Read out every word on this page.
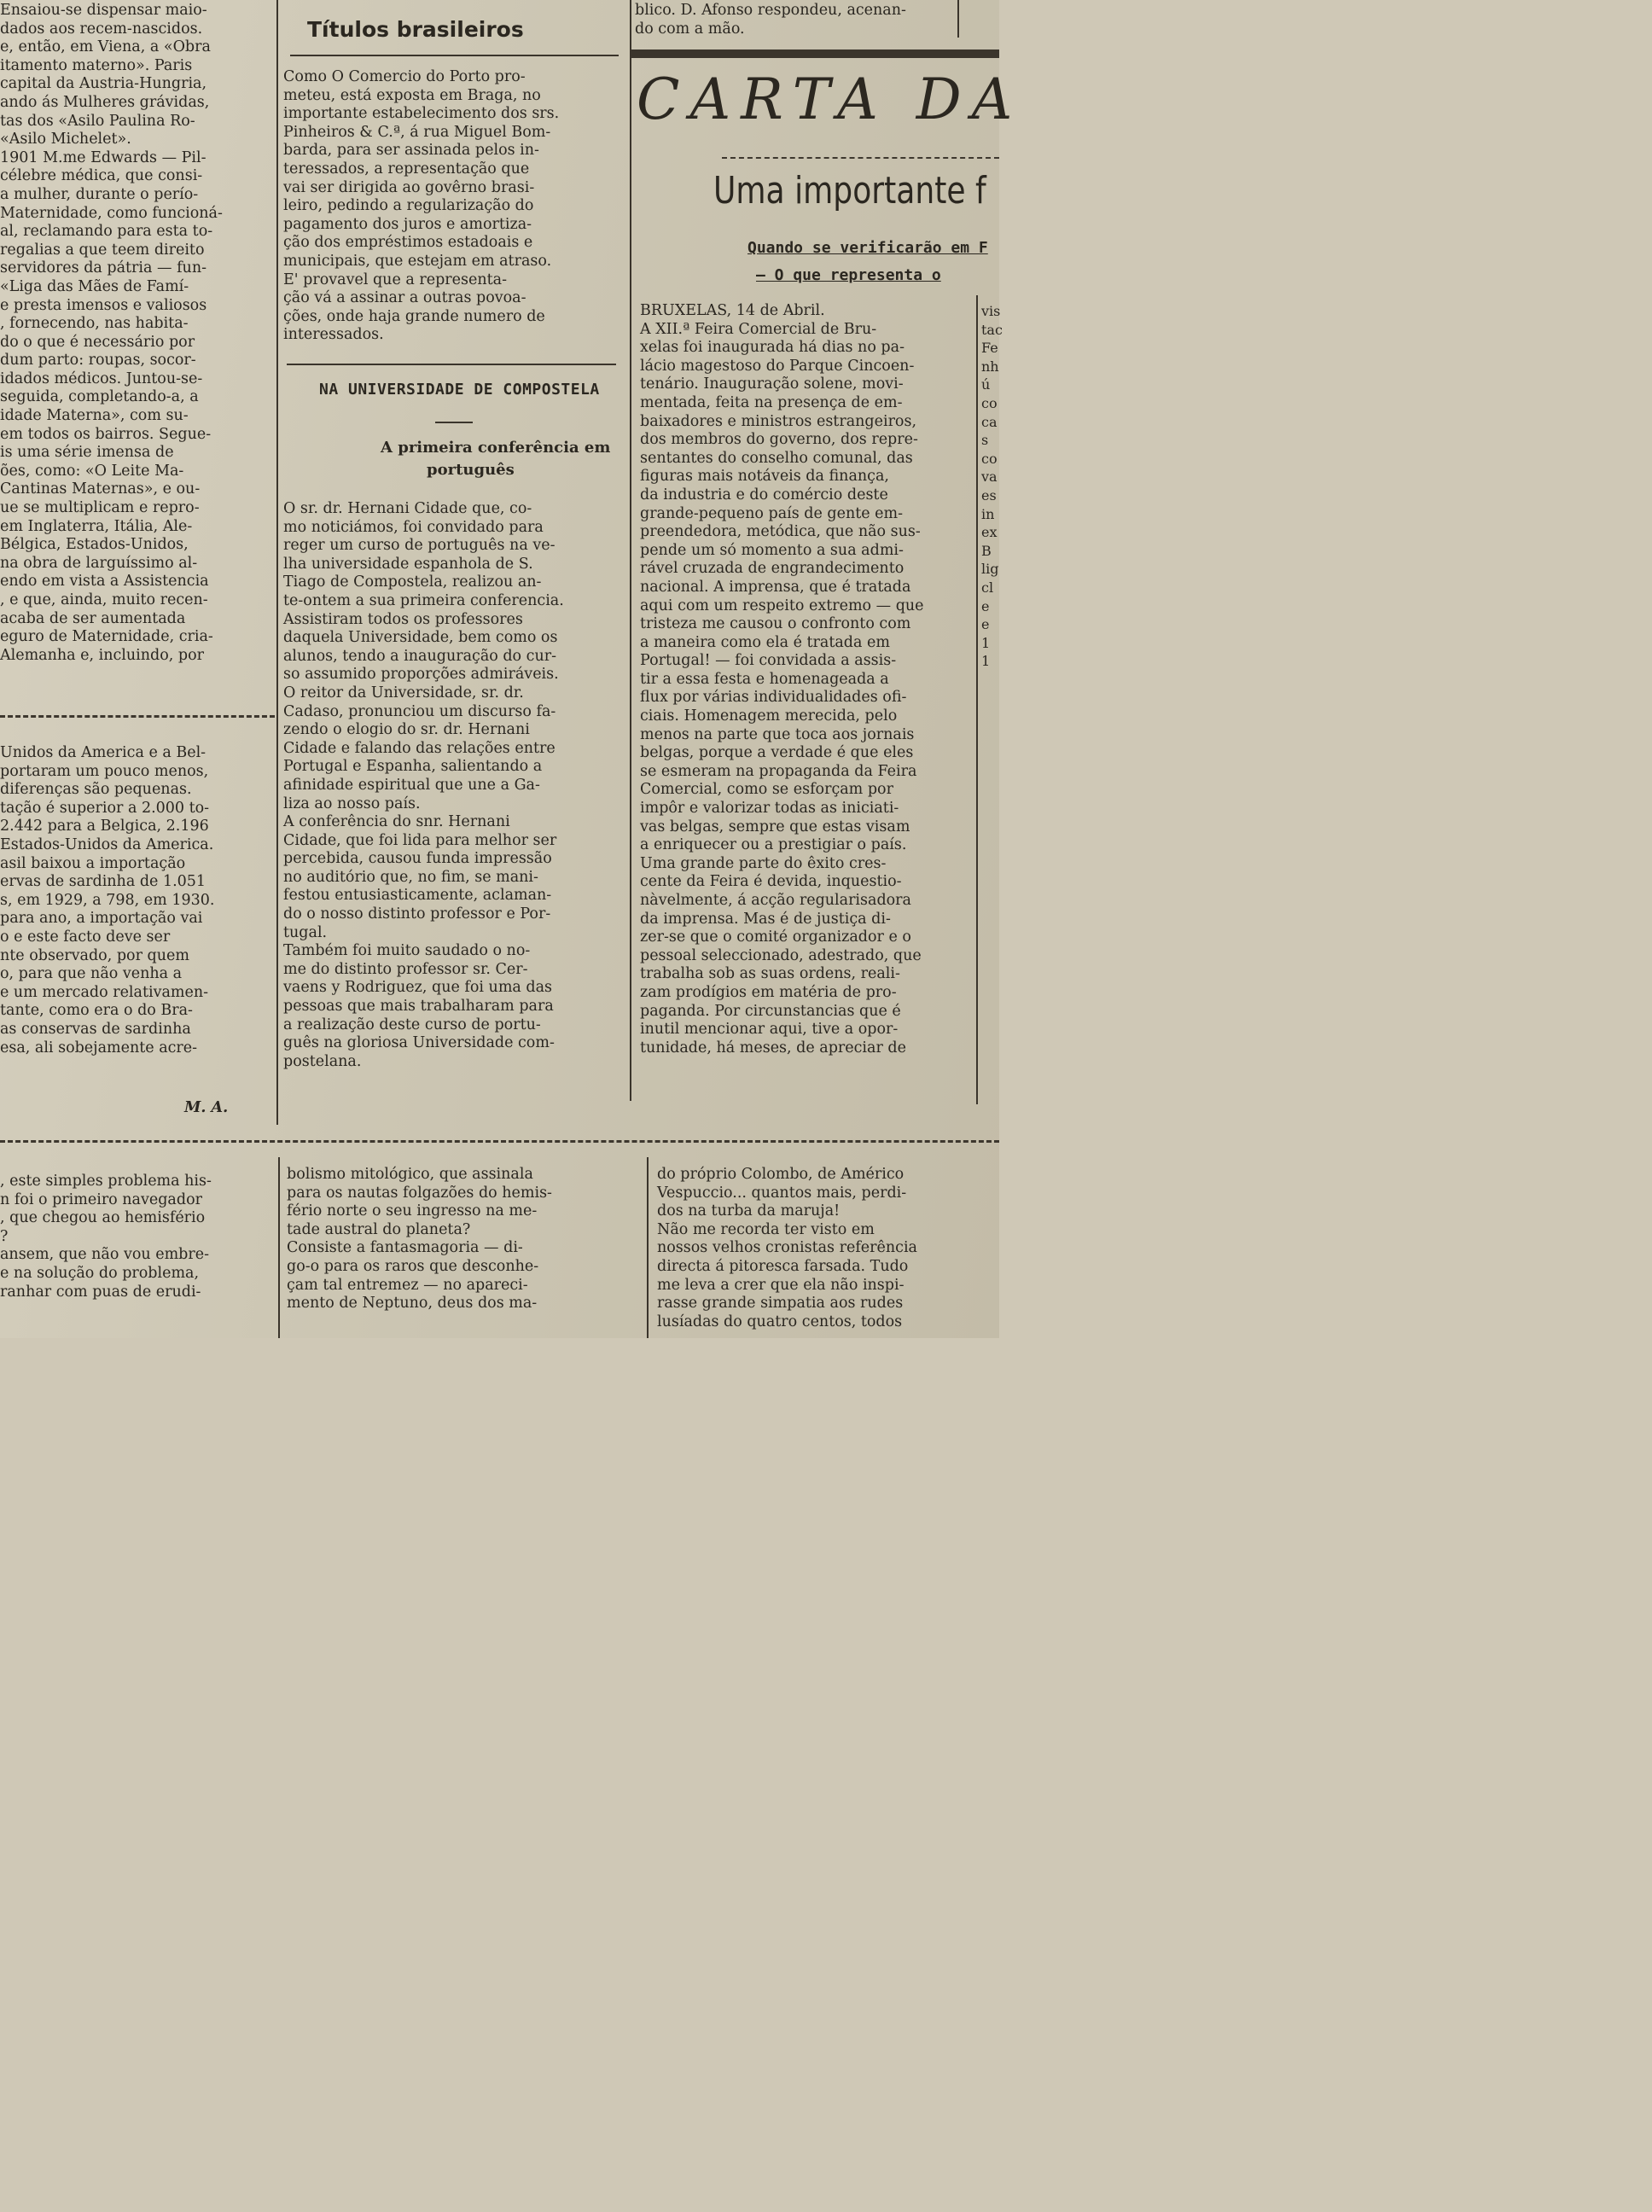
Ensaiou-se dispensar maio-

dados aos recem-nascidos.

e, então, em Viena, a «Obra

itamento materno». Paris

capital da Austria-Hungria,

ando ás Mulheres grávidas,

tas dos «Asilo Paulina Ro-

«Asilo Michelet».

1901 M.me Edwards — Pil-

célebre médica, que consi-

a mulher, durante o perío-

Maternidade, como funcioná-

al, reclamando para esta to-

regalias a que teem direito

servidores da pátria — fun-

«Liga das Mães de Famí-

e presta imensos e valiosos

, fornecendo, nas habita-

do o que é necessário por

dum parto: roupas, socor-

idados médicos. Juntou-se-

seguida, completando-a, a

idade Materna», com su-

em todos os bairros. Segue-

is uma série imensa de

ões, como: «O Leite Ma-

Cantinas Maternas», e ou-

ue se multiplicam e repro-

em Inglaterra, Itália, Ale-

Bélgica, Estados-Unidos,

na obra de larguíssimo al-

endo em vista a Assistencia

, e que, ainda, muito recen-

acaba de ser aumentada

eguro de Maternidade, cria-

Alemanha e, incluindo, por

Unidos da America e a Bel-

portaram um pouco menos,

diferenças são pequenas.

tação é superior a 2.000 to-

2.442 para a Belgica, 2.196

Estados-Unidos da America.

asil baixou a importação

ervas de sardinha de 1.051

s, em 1929, a 798, em 1930.

para ano, a importação vai

o e este facto deve ser

nte observado, por quem

o, para que não venha a

e um mercado relativamen-

tante, como era o do Bra-

as conservas de sardinha

esa, ali sobejamente acre-

M. A.
Títulos brasileiros

Como O Comercio do Porto pro-

meteu, está exposta em Braga, no

importante estabelecimento dos srs.

Pinheiros & C.ª, á rua Miguel Bom-

barda, para ser assinada pelos in-

teressados, a representação que

vai ser dirigida ao govêrno brasi-

leiro, pedindo a regularização do

pagamento dos juros e amortiza-

ção dos empréstimos estadoais e

municipais, que estejam em atraso.

E' provavel que a representa-

ção vá a assinar a outras povoa-

ções, onde haja grande numero de

interessados.

NA UNIVERSIDADE DE COMPOSTELA
A primeira conferência em
português

O sr. dr. Hernani Cidade que, co-

mo noticiámos, foi convidado para

reger um curso de português na ve-

lha universidade espanhola de S.

Tiago de Compostela, realizou an-

te-ontem a sua primeira conferencia.

Assistiram todos os professores

daquela Universidade, bem como os

alunos, tendo a inauguração do cur-

so assumido proporções admiráveis.

O reitor da Universidade, sr. dr.

Cadaso, pronunciou um discurso fa-

zendo o elogio do sr. dr. Hernani

Cidade e falando das relações entre

Portugal e Espanha, salientando a

afinidade espiritual que une a Ga-

liza ao nosso país.

A conferência do snr. Hernani

Cidade, que foi lida para melhor ser

percebida, causou funda impressão

no auditório que, no fim, se mani-

festou entusiasticamente, aclaman-

do o nosso distinto professor e Por-

tugal.

Também foi muito saudado o no-

me do distinto professor sr. Cer-

vaens y Rodriguez, que foi uma das

pessoas que mais trabalharam para

a realização deste curso de portu-

guês na gloriosa Universidade com-

postelana.

blico. D. Afonso respondeu, acenan-

do com a mão.

CARTA DA
Uma importante f
Quando se verificarão em F
— O que representa o

BRUXELAS, 14 de Abril.

A XII.ª Feira Comercial de Bru-

xelas foi inaugurada há dias no pa-

lácio magestoso do Parque Cincoen-

tenário. Inauguração solene, movi-

mentada, feita na presença de em-

baixadores e ministros estrangeiros,

dos membros do governo, dos repre-

sentantes do conselho comunal, das

figuras mais notáveis da finança,

da industria e do comércio deste

grande-pequeno país de gente em-

preendedora, metódica, que não sus-

pende um só momento a sua admi-

rável cruzada de engrandecimento

nacional. A imprensa, que é tratada

aqui com um respeito extremo — que

tristeza me causou o confronto com

a maneira como ela é tratada em

Portugal! — foi convidada a assis-

tir a essa festa e homenageada a

flux por várias individualidades ofi-

ciais. Homenagem merecida, pelo

menos na parte que toca aos jornais

belgas, porque a verdade é que eles

se esmeram na propaganda da Feira

Comercial, como se esforçam por

impôr e valorizar todas as iniciati-

vas belgas, sempre que estas visam

a enriquecer ou a prestigiar o país.

Uma grande parte do êxito cres-

cente da Feira é devida, inquestio-

nàvelmente, á acção regularisadora

da imprensa. Mas é de justiça di-

zer-se que o comité organizador e o

pessoal seleccionado, adestrado, que

trabalha sob as suas ordens, reali-

zam prodígios em matéria de pro-

paganda. Por circunstancias que é

inutil mencionar aqui, tive a opor-

tunidade, há meses, de apreciar de

vis

tac

Fe

nh

ú

co

ca

s

co

va

es

in

ex

B

lig

cl

e

e

1

1

, este simples problema his-

n foi o primeiro navegador

, que chegou ao hemisfério

?

ansem, que não vou embre-

e na solução do problema,

ranhar com puas de erudi-

bolismo mitológico, que assinala

para os nautas folgazões do hemis-

fério norte o seu ingresso na me-

tade austral do planeta?

Consiste a fantasmagoria — di-

go-o para os raros que desconhe-

çam tal entremez — no apareci-

mento de Neptuno, deus dos ma-

do próprio Colombo, de Américo

Vespuccio... quantos mais, perdi-

dos na turba da maruja!

Não me recorda ter visto em

nossos velhos cronistas referência

directa á pitoresca farsada. Tudo

me leva a crer que ela não inspi-

rasse grande simpatia aos rudes

lusíadas do quatro centos, todos
